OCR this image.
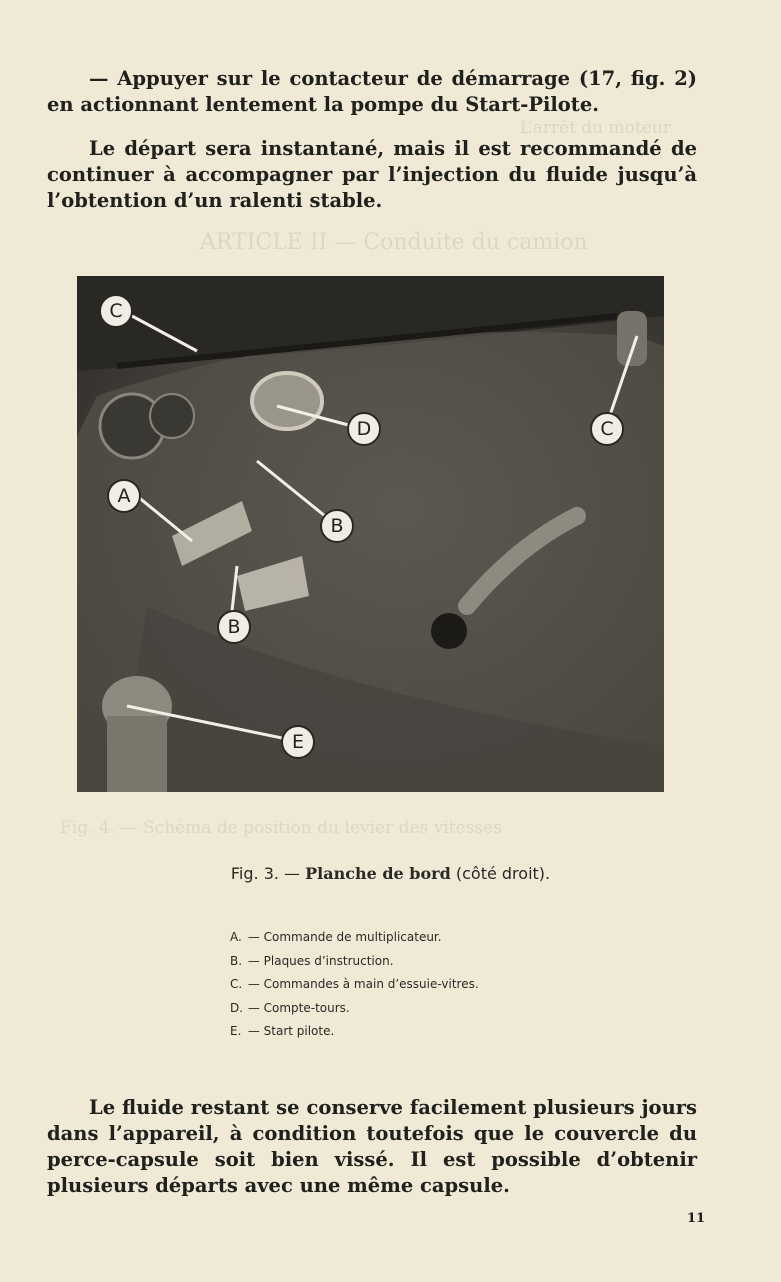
L’arrêt du moteur
ARTICLE II — Conduite du camion
Fig. 4. — Schéma de position du levier des vitesses

— Appuyer sur le contacteur de démarrage (17, fig. 2) en actionnant lentement la pompe du Start-Pilote.

Le départ sera instantané, mais il est recommandé de continuer à accompagner par l’injection du fluide jusqu’à l’obtention d’un ralenti stable.

C
C
D
A
B
B
E
Fig. 3. — Planche de bord (côté droit).
A. — Commande de multiplicateur.
B. — Plaques d’instruction.
C. — Commandes à main d’essuie-vitres.
D. — Compte-tours.
E. — Start pilote.

Le fluide restant se conserve facilement plusieurs jours dans l’appareil, à condition toutefois que le couvercle du perce-capsule soit bien vissé. Il est possible d’obtenir plusieurs départs avec une même capsule.

11
